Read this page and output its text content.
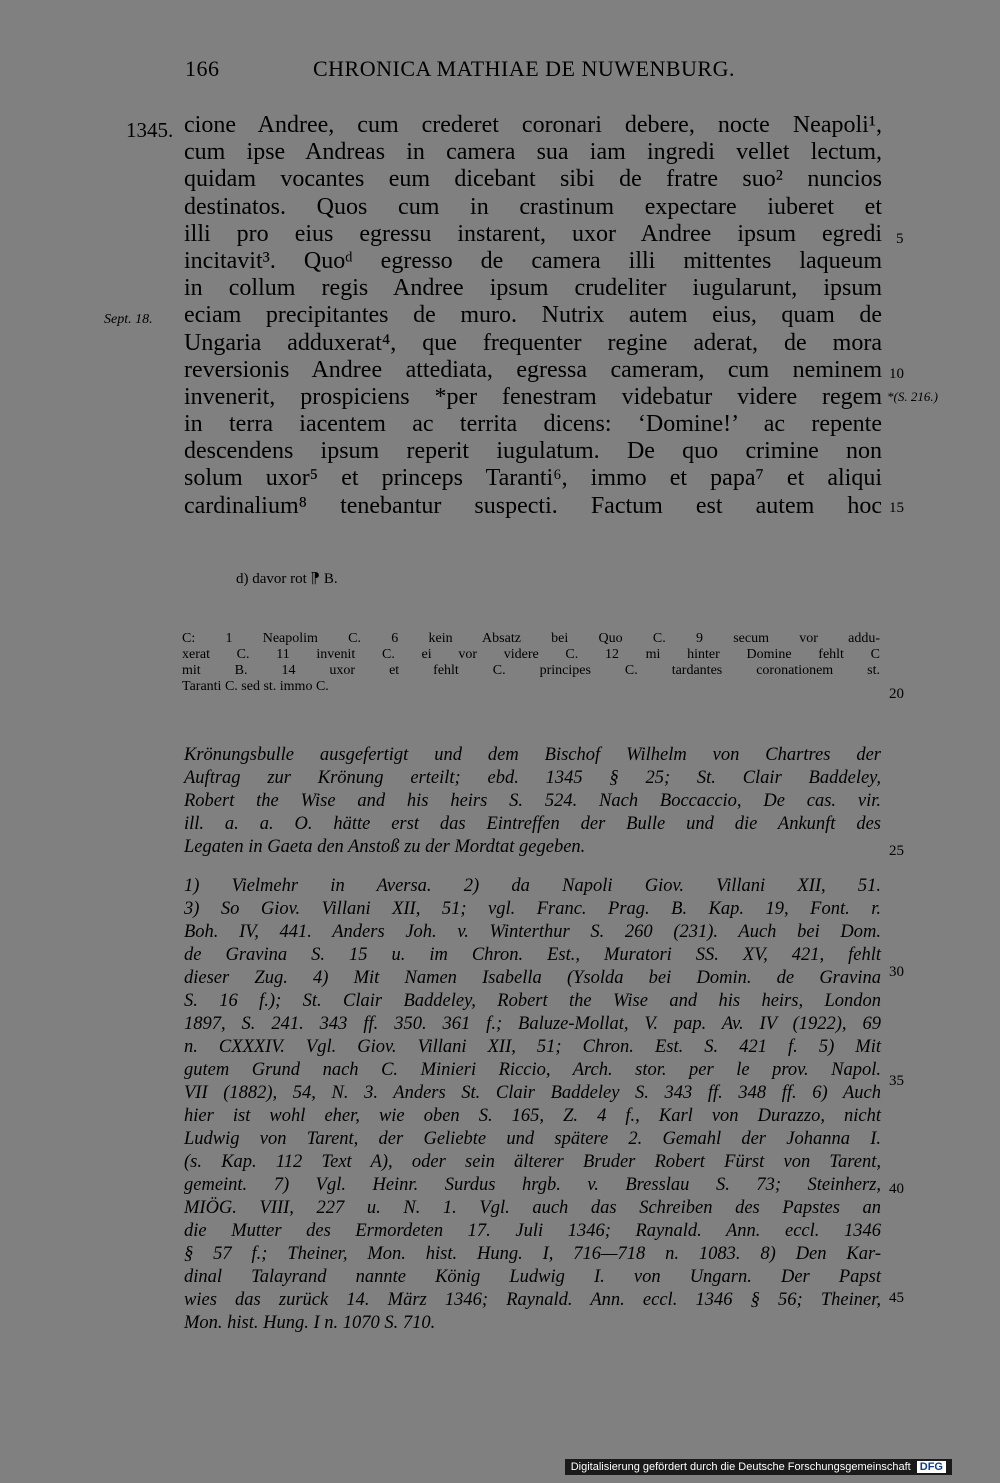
166	CHRONICA MATHIAE DE NUWENBURG.
1345.
Sept. 18.
*(S. 216.)
5
10
15
20
25
30
35
40
45
cione Andree, cum crederet coronari debere, nocte Neapoli¹,
cum ipse Andreas in camera sua iam ingredi vellet lectum,
quidam vocantes eum dicebant sibi de fratre suo² nuncios
destinatos. Quos cum in crastinum expectare iuberet et
illi pro eius egressu instarent, uxor Andree ipsum egredi
incitavit³. Quoᵈ egresso de camera illi mittentes laqueum
in collum regis Andree ipsum crudeliter iugularunt, ipsum
eciam precipitantes de muro. Nutrix autem eius, quam de
Ungaria adduxerat⁴, que frequenter regine aderat, de mora
reversionis Andree attediata, egressa cameram, cum neminem
invenerit, prospiciens *per fenestram videbatur videre regem
in terra iacentem ac territa dicens: ‘Domine!’ ac repente
descendens ipsum reperit iugulatum. De quo crimine non
solum uxor⁵ et princeps Taranti⁶, immo et papa⁷ et aliqui
cardinalium⁸ tenebantur suspecti. Factum est autem hoc
d) davor rot ⁋ B.
C: 1 Neapolim C. 6 kein Absatz bei Quo C. 9 secum vor addu-
xerat C. 11 invenit C. ei vor videre C. 12 mi hinter Domine fehlt C
mit B. 14 uxor et fehlt C. principes C. tardantes coronationem st.
Taranti C. sed st. immo C.
Krönungsbulle ausgefertigt und dem Bischof Wilhelm von Chartres der
Auftrag zur Krönung erteilt; ebd. 1345 § 25; St. Clair Baddeley,
Robert the Wise and his heirs S. 524. Nach Boccaccio, De cas. vir.
ill. a. a. O. hätte erst das Eintreffen der Bulle und die Ankunft des
Legaten in Gaeta den Anstoß zu der Mordtat gegeben.
1) Vielmehr in Aversa. 2) da Napoli Giov. Villani XII, 51.
3) So Giov. Villani XII, 51; vgl. Franc. Prag. B. Kap. 19, Font. r.
Boh. IV, 441. Anders Joh. v. Winterthur S. 260 (231). Auch bei Dom.
de Gravina S. 15 u. im Chron. Est., Muratori SS. XV, 421, fehlt
dieser Zug. 4) Mit Namen Isabella (Ysolda bei Domin. de Gravina
S. 16 f.); St. Clair Baddeley, Robert the Wise and his heirs, London
1897, S. 241. 343 ff. 350. 361 f.; Baluze-Mollat, V. pap. Av. IV (1922), 69
n. CXXXIV. Vgl. Giov. Villani XII, 51; Chron. Est. S. 421 f. 5) Mit
gutem Grund nach C. Minieri Riccio, Arch. stor. per le prov. Napol.
VII (1882), 54, N. 3. Anders St. Clair Baddeley S. 343 ff. 348 ff. 6) Auch
hier ist wohl eher, wie oben S. 165, Z. 4 f., Karl von Durazzo, nicht
Ludwig von Tarent, der Geliebte und spätere 2. Gemahl der Johanna I.
(s. Kap. 112 Text A), oder sein älterer Bruder Robert Fürst von Tarent,
gemeint. 7) Vgl. Heinr. Surdus hrgb. v. Bresslau S. 73; Steinherz,
MIÖG. VIII, 227 u. N. 1. Vgl. auch das Schreiben des Papstes an
die Mutter des Ermordeten 17. Juli 1346; Raynald. Ann. eccl. 1346
§ 57 f.; Theiner, Mon. hist. Hung. I, 716—718 n. 1083. 8) Den Kar-
dinal Talayrand nannte König Ludwig I. von Ungarn. Der Papst
wies das zurück 14. März 1346; Raynald. Ann. eccl. 1346 § 56; Theiner,
Mon. hist. Hung. I n. 1070 S. 710.
Digitalisierung gefördert durch die Deutsche Forschungsgemeinschaft DFG
